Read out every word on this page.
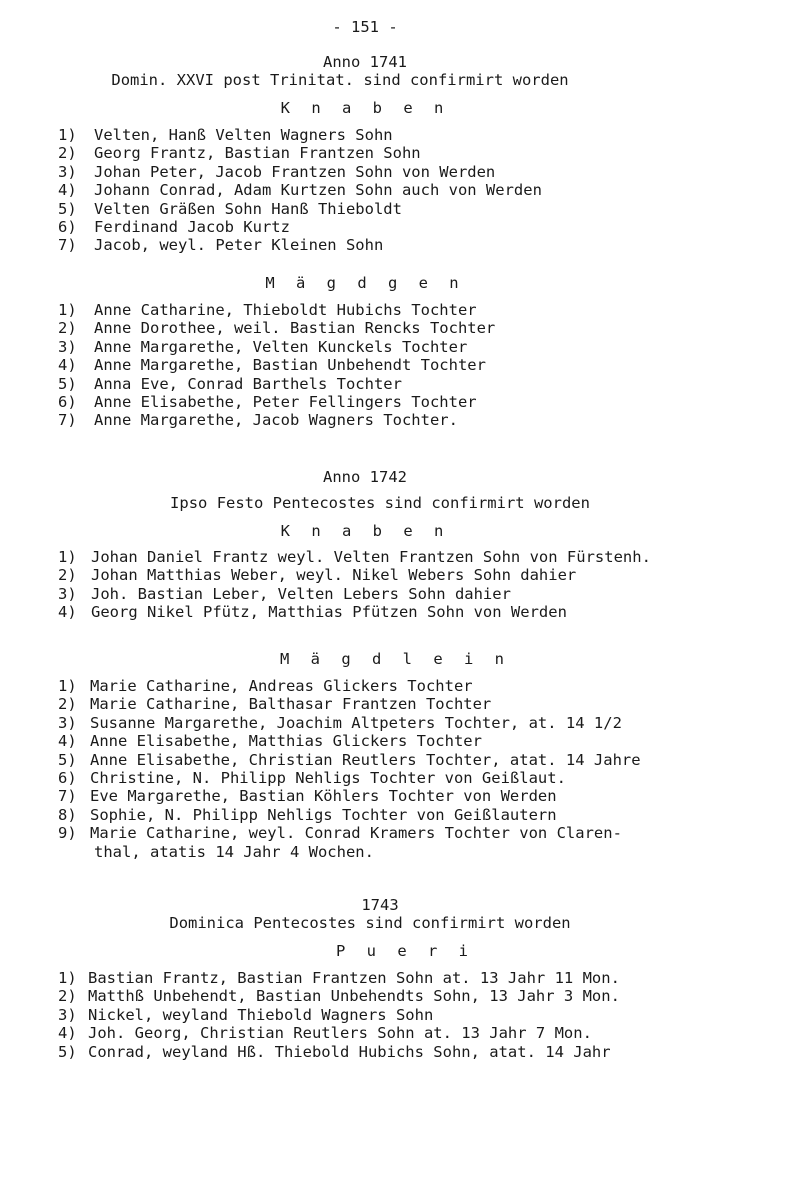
- 151 -
Anno 1741
Domin. XXVI post Trinitat. sind confirmirt worden
K n a b e n
1)	Velten, Hanß Velten Wagners Sohn
2)	Georg Frantz, Bastian Frantzen Sohn
3)	Johan Peter, Jacob Frantzen Sohn von Werden
4)	Johann Conrad, Adam Kurtzen Sohn auch von Werden
5)	Velten Gräßen Sohn Hanß Thieboldt
6)	Ferdinand Jacob Kurtz
7)	Jacob, weyl. Peter Kleinen Sohn
M ä g d g e n
1)	Anne Catharine, Thieboldt Hubichs Tochter
2)	Anne Dorothee, weil. Bastian Rencks Tochter
3)	Anne Margarethe, Velten Kunckels Tochter
4)	Anne Margarethe, Bastian Unbehendt Tochter
5)	Anna Eve, Conrad Barthels Tochter
6)	Anne Elisabethe, Peter Fellingers Tochter
7)	Anne Margarethe, Jacob Wagners Tochter.
Anno 1742
Ipso Festo Pentecostes sind confirmirt worden
K n a b e n
1) Johan Daniel Frantz weyl. Velten Frantzen Sohn von Fürstenh.
2) Johan Matthias Weber, weyl. Nikel Webers Sohn dahier
3) Joh. Bastian Leber, Velten Lebers Sohn dahier
4) Georg Nikel Pfütz, Matthias Pfützen Sohn von Werden
M ä g d l e i n
1) Marie Catharine, Andreas Glickers Tochter
2) Marie Catharine, Balthasar Frantzen Tochter
3) Susanne Margarethe, Joachim Altpeters Tochter, at. 14 1/2
4) Anne Elisabethe, Matthias Glickers Tochter
5) Anne Elisabethe, Christian Reutlers Tochter, atat. 14 Jahre
6) Christine, N. Philipp Nehligs Tochter von Geißlaut.
7) Eve Margarethe, Bastian Köhlers Tochter von Werden
8) Sophie, N. Philipp Nehligs Tochter von Geißlautern
9) Marie Catharine, weyl. Conrad Kramers Tochter von Claren-
thal, atatis 14 Jahr 4 Wochen.
1743
Dominica Pentecostes sind confirmirt worden
P u e r i
1) Bastian Frantz, Bastian Frantzen Sohn at. 13 Jahr 11 Mon.
2) Matthß Unbehendt, Bastian Unbehendts Sohn, 13 Jahr 3 Mon.
3) Nickel, weyland Thiebold Wagners Sohn
4) Joh. Georg, Christian Reutlers Sohn at. 13 Jahr 7 Mon.
5) Conrad, weyland Hß. Thiebold Hubichs Sohn, atat. 14 Jahr
